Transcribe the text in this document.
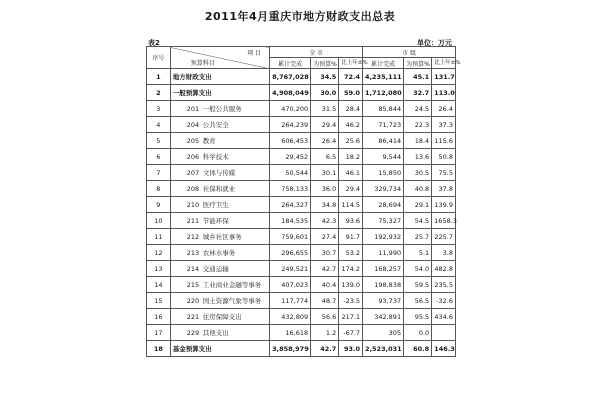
2011年4月重庆市地方财政支出总表
表2	单位：万元
序号	项 目
预算科目	全 市			市 级		
		累计完成	为预算%	比上年±%	累计完成	为预算%	比上年±%
1	地方财政支出	8,767,028	34.5	72.4	4,235,111	45.1	131.7
2	一般预算支出	4,908,049	30.0	59.0	1,712,080	32.7	113.0
3	201 一般公共服务	470,200	31.5	28.4	85,844	24.5	26.4
4	204 公共安全	264,239	29.4	46.2	71,723	22.3	37.3
5	205 教育	606,453	26.4	25.6	86,414	18.4	115.6
6	206 科学技术	29,452	6.5	18.2	9,544	13.6	50.8
7	207 文体与传媒	50,544	30.1	46.1	15,850	30.5	75.5
8	208 社保和就业	758,133	36.0	29.4	329,734	40.8	37.8
9	210 医疗卫生	264,327	34.8	114.5	28,694	29.1	139.9
10	211 节能环保	184,535	42.3	93.6	75,327	54.5	1658.3
11	212 城乡社区事务	759,601	27.4	91.7	192,932	25.7	225.7
12	213 农林水事务	296,655	30.7	53.2	11,990	5.1	3.8
13	214 交通运输	249,521	42.7	174.2	168,257	54.0	482.8
14	215 工业商业金融等事务	407,023	40.4	139.0	198,838	59.5	235.5
15	220 国土资源气象等事务	117,774	48.7	-23.5	93,737	56.5	-32.6
16	221 住房保障支出	432,809	56.6	217.1	342,891	95.5	434.6
17	229 其他支出	16,618	1.2	-67.7	305	0.0	
18	基金预算支出	3,858,979	42.7	93.0	2,523,031	60.8	146.3
